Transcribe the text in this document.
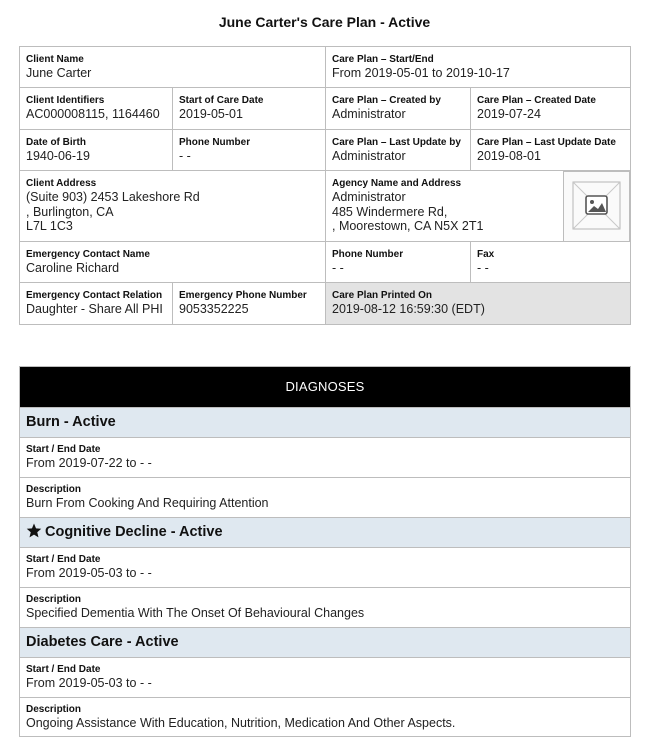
June Carter's Care Plan - Active
Client Name
June Carter
Care Plan – Start/End
From 2019-05-01 to 2019-10-17
Client Identifiers
AC000008115, 1164460
Start of Care Date
2019-05-01
Care Plan – Created by
Administrator
Care Plan – Created Date
2019-07-24
Date of Birth
1940-06-19
Phone Number
- -
Care Plan – Last Update by
Administrator
Care Plan – Last Update Date
2019-08-01
Client Address
(Suite 903) 2453 Lakeshore Rd
, Burlington, CA
L7L 1C3
Agency Name and Address
Administrator
485 Windermere Rd,
, Moorestown, CA N5X 2T1
Emergency Contact Name
Caroline Richard
Phone Number
- -
Fax
- -
Emergency Contact Relation
Daughter - Share All PHI
Emergency Phone Number
9053352225
Care Plan Printed On
2019-08-12 16:59:30 (EDT)
DIAGNOSES
Burn - Active
Start / End Date
From 2019-07-22 to - -
Description
Burn From Cooking And Requiring Attention
Cognitive Decline - Active
Start / End Date
From 2019-05-03 to - -
Description
Specified Dementia With The Onset Of Behavioural Changes
Diabetes Care - Active
Start / End Date
From 2019-05-03 to - -
Description
Ongoing Assistance With Education, Nutrition, Medication And Other Aspects.
